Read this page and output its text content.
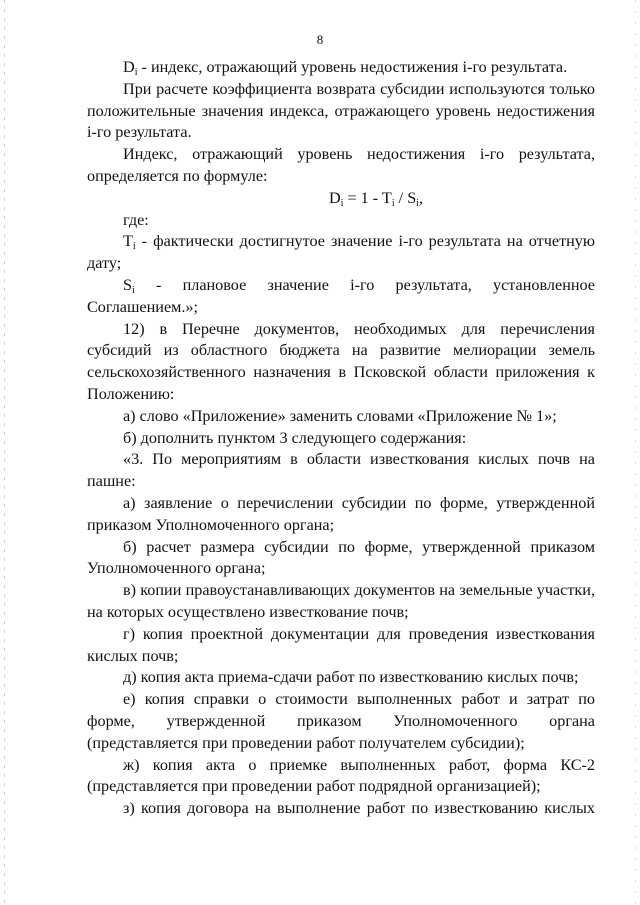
8

$D_i$ - индекс, отражающий уровень недостижения i-го результата.

При расчете коэффициента возврата субсидии используются только положительные значения индекса, отражающего уровень недостижения i-го результата.

Индекс, отражающий уровень недостижения i-го результата, определяется по формуле:

$D_i = 1 - T_i / S_i$,

где:

$T_i$ - фактически достигнутое значение i-го результата на отчетную дату;

$S_i$ - плановое значение i-го результата, установленное Соглашением.»;

12) в Перечне документов, необходимых для перечисления субсидий из областного бюджета на развитие мелиорации земель сельскохозяйственного назначения в Псковской области приложения к Положению:

а) слово «Приложение» заменить словами «Приложение № 1»;

б) дополнить пунктом 3 следующего содержания:

«3. По мероприятиям в области известкования кислых почв на пашне:

а) заявление о перечислении субсидии по форме, утвержденной приказом Уполномоченного органа;

б) расчет размера субсидии по форме, утвержденной приказом Уполномоченного органа;

в) копии правоустанавливающих документов на земельные участки, на которых осуществлено известкование почв;

г) копия проектной документации для проведения известкования кислых почв;

д) копия акта приема-сдачи работ по известкованию кислых почв;

е) копия справки о стоимости выполненных работ и затрат по форме, утвержденной приказом Уполномоченного органа (представляется при проведении работ получателем субсидии);

ж) копия акта о приемке выполненных работ, форма КС-2 (представляется при проведении работ подрядной организацией);

з) копия договора на выполнение работ по известкованию кислых
